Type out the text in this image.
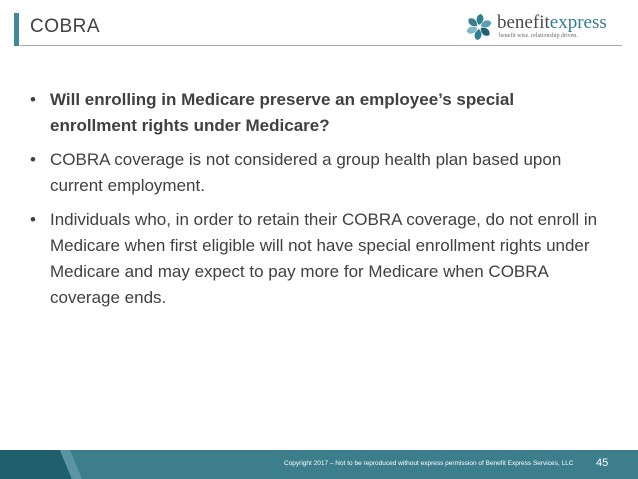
COBRA	benefitexpress
benefit wise. relationship driven.
• Will enrolling in Medicare preserve an employee’s special enrollment rights under Medicare?
• COBRA coverage is not considered a group health plan based upon current employment.
• Individuals who, in order to retain their COBRA coverage, do not enroll in Medicare when first eligible will not have special enrollment rights under Medicare and may expect to pay more for Medicare when COBRA coverage ends.
Copyright 2017 – Not to be reproduced without express permission of Benefit Express Services, LLC 45
